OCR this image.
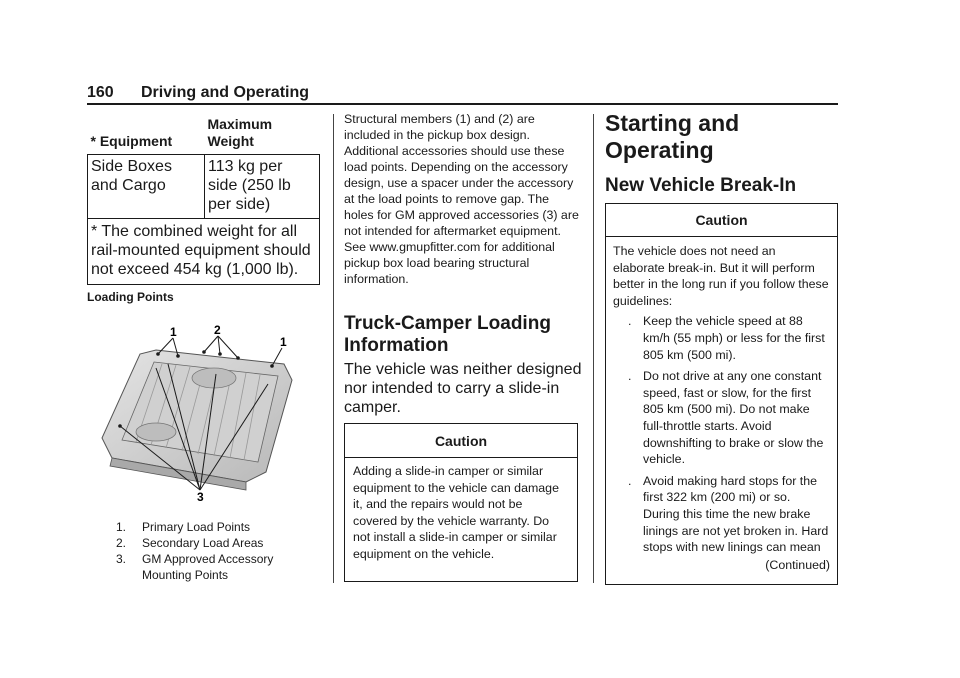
160 Driving and Operating
* Equipment	Maximum Weight
Side Boxes and Cargo	113 kg per side (250 lb per side)
* The combined weight for all rail-mounted equipment should not exceed 454 kg (1,000 lb).	
Loading Points
1	2
1
3
1. Primary Load Points
2. Secondary Load Areas
3. GM Approved Accessory Mounting Points

Structural members (1) and (2) are included in the pickup box design. Additional accessories should use these load points. Depending on the accessory design, use a spacer under the accessory at the load points to remove gap. The holes for GM approved accessories (3) are not intended for aftermarket equipment. See www.gmupfitter.com for additional pickup box load bearing structural information.

Truck-Camper Loading Information

The vehicle was neither designed nor intended to carry a slide-in camper.

Caution

Adding a slide-in camper or similar equipment to the vehicle can damage it, and the repairs would not be covered by the vehicle warranty. Do not install a slide-in camper or similar equipment on the vehicle.

Starting and Operating
New Vehicle Break-In
Caution

The vehicle does not need an elaborate break-in. But it will perform better in the long run if you follow these guidelines:

. Keep the vehicle speed at 88 km/h (55 mph) or less for the first 805 km (500 mi).
. Do not drive at any one constant speed, fast or slow, for the first 805 km (500 mi). Do not make full-throttle starts. Avoid downshifting to brake or slow the vehicle.
. Avoid making hard stops for the first 322 km (200 mi) or so. During this time the new brake linings are not yet broken in. Hard stops with new linings can mean

(Continued)
